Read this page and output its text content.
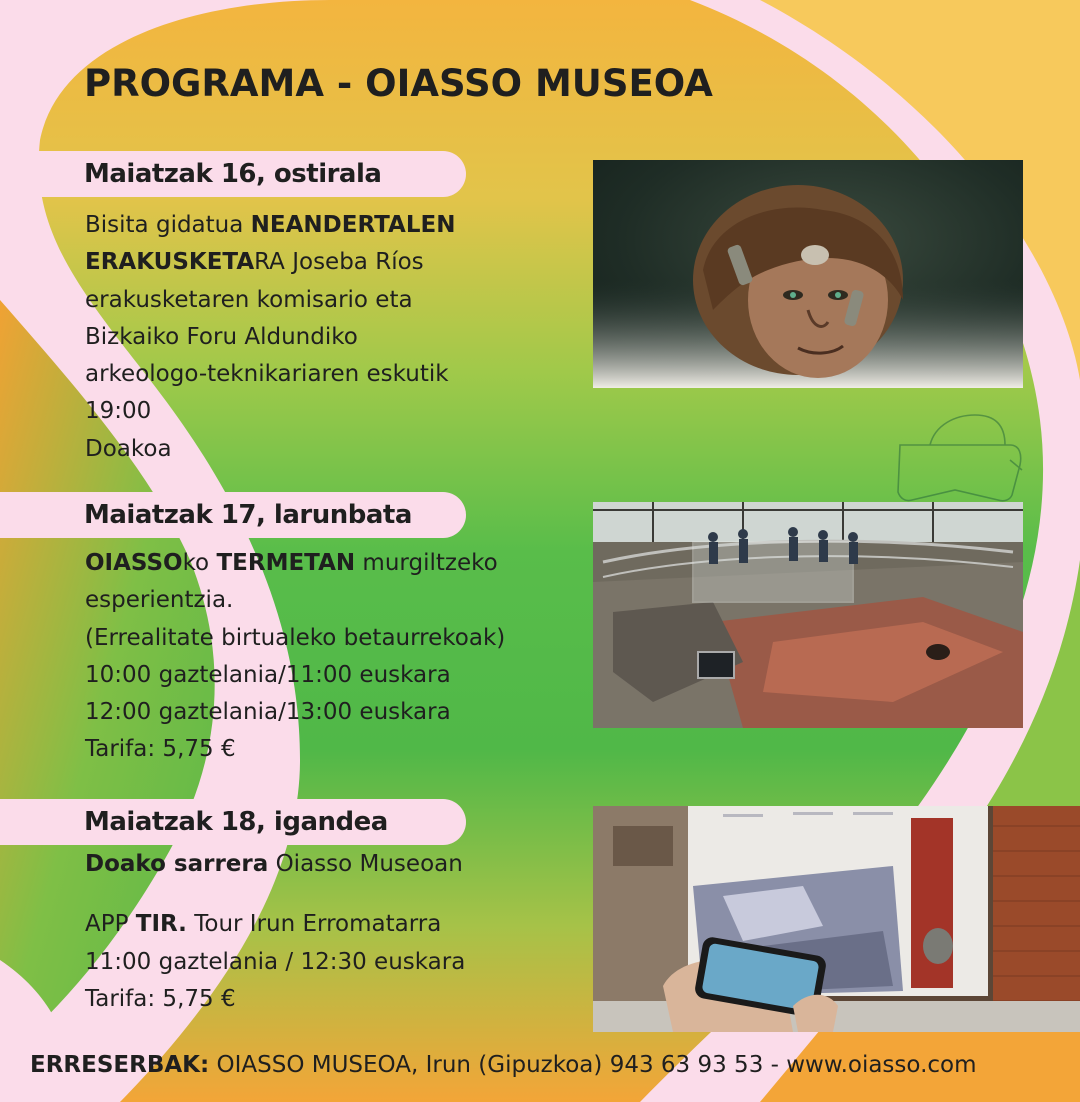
PROGRAMA - OIASSO MUSEOA
Maiatzak 16, ostirala
Bisita gidatua NEANDERTALEN
ERAKUSKETARA Joseba Ríos
erakusketaren komisario eta
Bizkaiko Foru Aldundiko
arkeologo-teknikariaren eskutik
19:00
Doakoa
Maiatzak 17, larunbata
OIASSOko TERMETAN murgiltzeko
esperientzia.
(Errealitate birtualeko betaurrekoak)
10:00 gaztelania/11:00 euskara
12:00 gaztelania/13:00 euskara
Tarifa: 5,75 €
Maiatzak 18, igandea
Doako sarrera Oiasso Museoan
APP TIR. Tour Irun Erromatarra
11:00 gaztelania / 12:30 euskara
Tarifa: 5,75 €
ERRESERBAK: OIASSO MUSEOA, Irun (Gipuzkoa) 943 63 93 53 - www.oiasso.com
